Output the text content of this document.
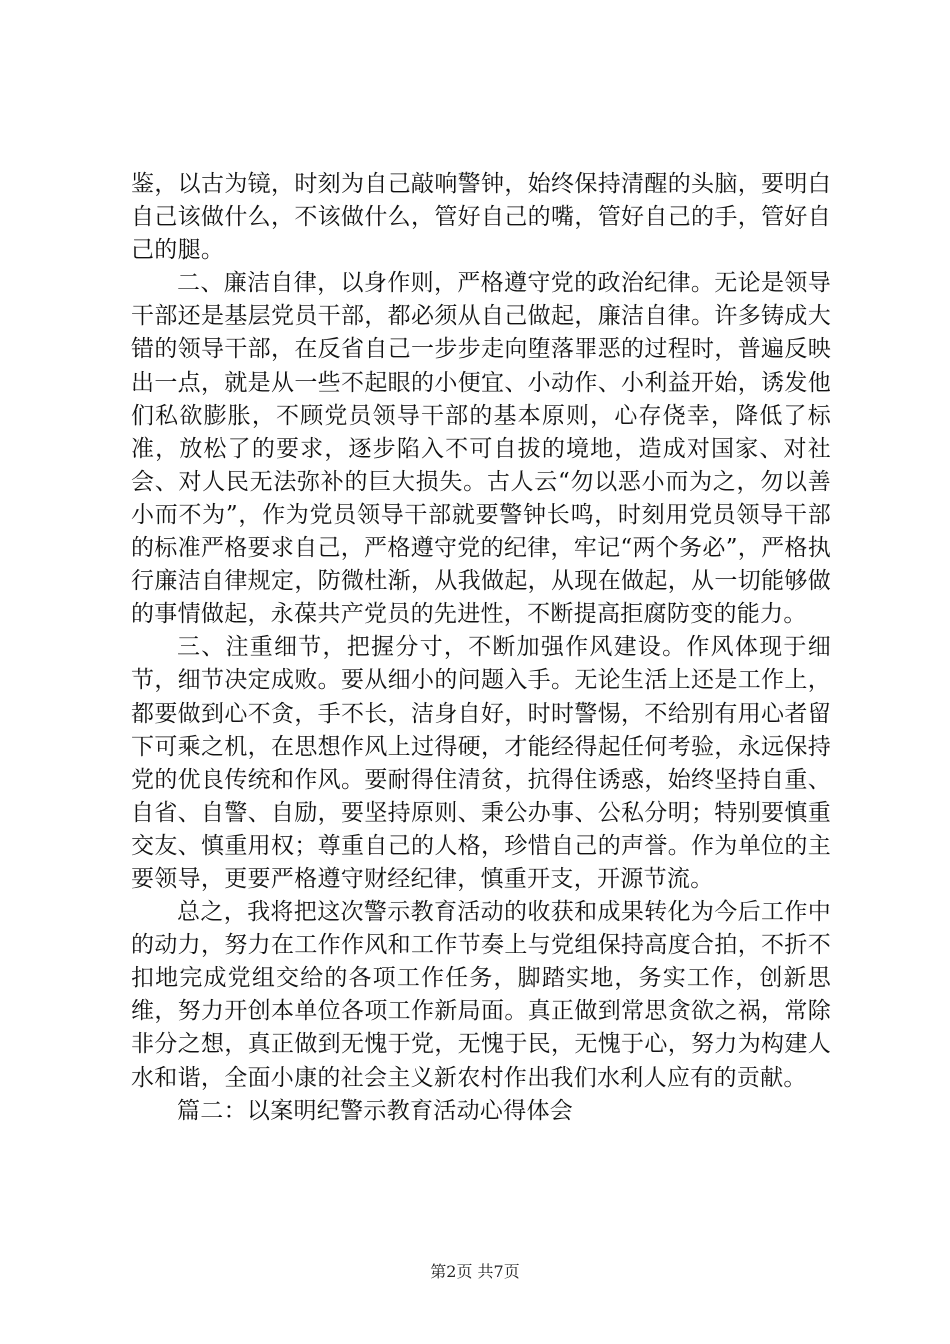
鉴，以古为镜，时刻为自己敲响警钟，始终保持清醒的头脑，要明白自己该做什么，不该做什么，管好自己的嘴，管好自己的手，管好自己的腿。

二、廉洁自律，以身作则，严格遵守党的政治纪律。无论是领导干部还是基层党员干部，都必须从自己做起，廉洁自律。许多铸成大错的领导干部，在反省自己一步步走向堕落罪恶的过程时，普遍反映出一点，就是从一些不起眼的小便宜、小动作、小利益开始，诱发他们私欲膨胀，不顾党员领导干部的基本原则，心存侥幸，降低了标准，放松了的要求，逐步陷入不可自拔的境地，造成对国家、对社会、对人民无法弥补的巨大损失。古人云“勿以恶小而为之，勿以善小而不为”，作为党员领导干部就要警钟长鸣，时刻用党员领导干部的标准严格要求自己，严格遵守党的纪律，牢记“两个务必”，严格执行廉洁自律规定，防微杜渐，从我做起，从现在做起，从一切能够做的事情做起，永葆共产党员的先进性，不断提高拒腐防变的能力。

三、注重细节，把握分寸，不断加强作风建设。作风体现于细节，细节决定成败。要从细小的问题入手。无论生活上还是工作上，都要做到心不贪，手不长，洁身自好，时时警惕，不给别有用心者留下可乘之机，在思想作风上过得硬，才能经得起任何考验，永远保持党的优良传统和作风。要耐得住清贫，抗得住诱惑，始终坚持自重、自省、自警、自励，要坚持原则、秉公办事、公私分明；特别要慎重交友、慎重用权；尊重自己的人格，珍惜自己的声誉。作为单位的主要领导，更要严格遵守财经纪律，慎重开支，开源节流。

总之，我将把这次警示教育活动的收获和成果转化为今后工作中的动力，努力在工作作风和工作节奏上与党组保持高度合拍，不折不扣地完成党组交给的各项工作任务，脚踏实地，务实工作，创新思维，努力开创本单位各项工作新局面。真正做到常思贪欲之祸，常除非分之想，真正做到无愧于党，无愧于民，无愧于心，努力为构建人水和谐，全面小康的社会主义新农村作出我们水利人应有的贡献。

篇二：以案明纪警示教育活动心得体会

第2页 共7页
